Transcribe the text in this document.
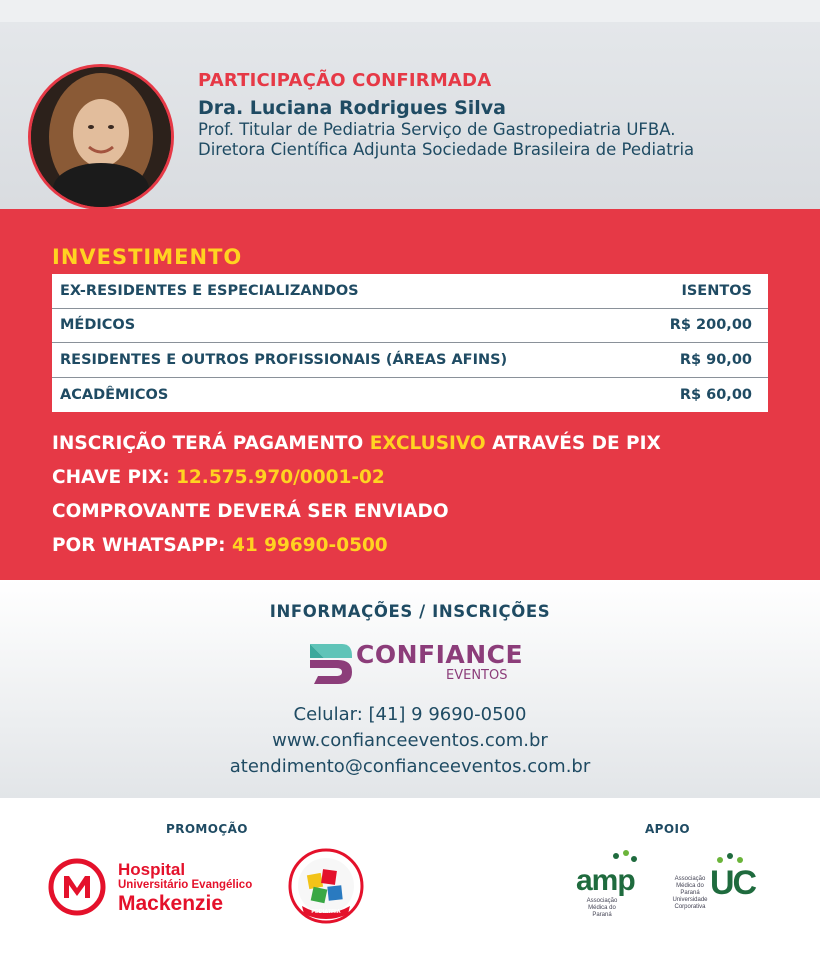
PARTICIPAÇÃO CONFIRMADA
Dra. Luciana Rodrigues Silva
Prof. Titular de Pediatria Serviço de Gastropediatria UFBA.
Diretora Científica Adjunta Sociedade Brasileira de Pediatria
INVESTIMENTO
EX-RESIDENTES E ESPECIALIZANDOS	ISENTOS
MÉDICOS	R$ 200,00
RESIDENTES E OUTROS PROFISSIONAIS (ÁREAS AFINS)	R$ 90,00
ACADÊMICOS	R$ 60,00
INSCRIÇÃO TERÁ PAGAMENTO EXCLUSIVO ATRAVÉS DE PIX
CHAVE PIX: 12.575.970/0001-02
COMPROVANTE DEVERÁ SER ENVIADO
POR WHATSAPP: 41 99690-0500
INFORMAÇÕES / INSCRIÇÕES
CONFIANCE
EVENTOS
Celular: [41] 9 9690-0500
www.confianceeventos.com.br
atendimento@confianceeventos.com.br
PROMOÇÃO	APOIO
Hospital
Universitário Evangélico
Mackenzie	PEDIATRIA
amp
Associação Médica do Paraná
Associação Médica do Paraná Universidade Corporativa
UC
